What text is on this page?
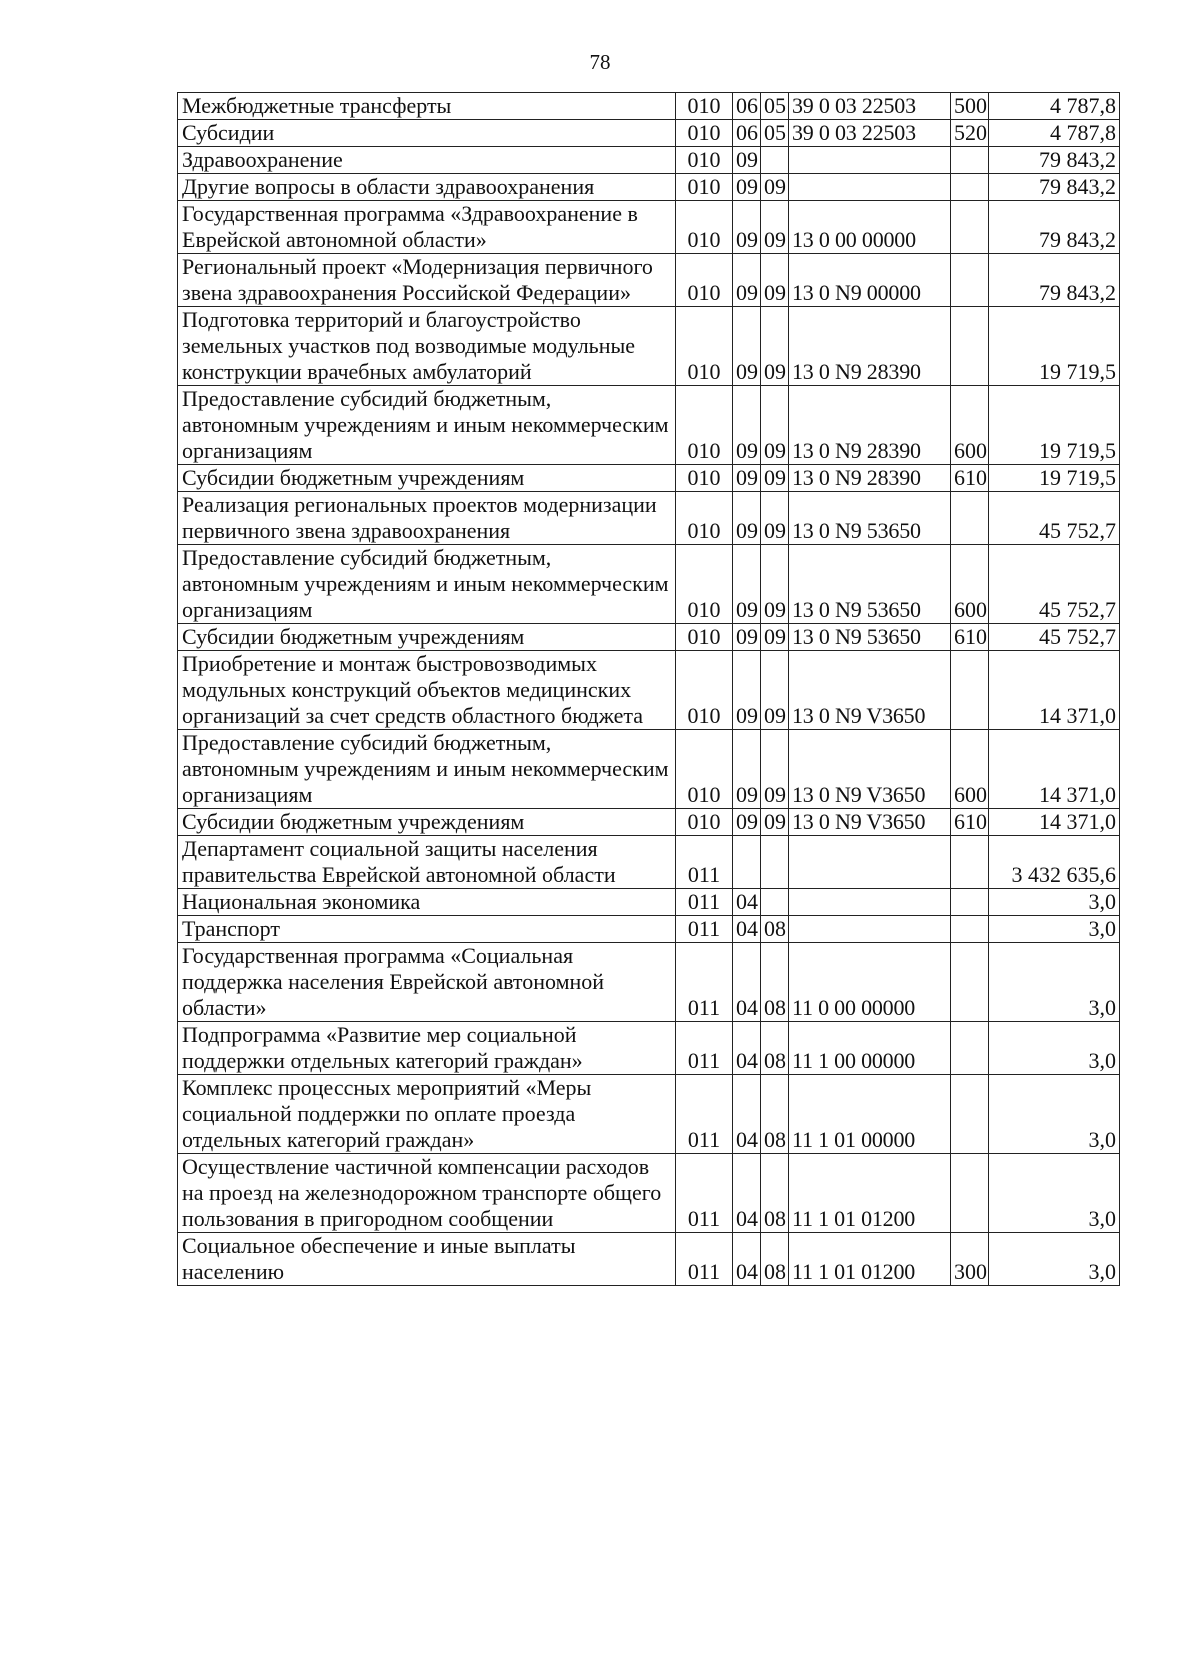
78
Межбюджетные трансферты	010	06	05	39 0 03 22503	500	4 787,8
Субсидии	010	06	05	39 0 03 22503	520	4 787,8
Здравоохранение	010	09				79 843,2
Другие вопросы в области здравоохранения	010	09	09			79 843,2
Государственная программа «Здравоохранение в Еврейской автономной области»	010	09	09	13 0 00 00000		79 843,2
Региональный проект «Модернизация первичного звена здравоохранения Российской Федерации»	010	09	09	13 0 N9 00000		79 843,2
Подготовка территорий и благоустройство земельных участков под возводимые модульные конструкции врачебных амбулаторий	010	09	09	13 0 N9 28390		19 719,5
Предоставление субсидий бюджетным, автономным учреждениям и иным некоммерческим организациям	010	09	09	13 0 N9 28390	600	19 719,5
Субсидии бюджетным учреждениям	010	09	09	13 0 N9 28390	610	19 719,5
Реализация региональных проектов модернизации первичного звена здравоохранения	010	09	09	13 0 N9 53650		45 752,7
Предоставление субсидий бюджетным, автономным учреждениям и иным некоммерческим организациям	010	09	09	13 0 N9 53650	600	45 752,7
Субсидии бюджетным учреждениям	010	09	09	13 0 N9 53650	610	45 752,7
Приобретение и монтаж быстровозводимых модульных конструкций объектов медицинских организаций за счет средств областного бюджета	010	09	09	13 0 N9 V3650		14 371,0
Предоставление субсидий бюджетным, автономным учреждениям и иным некоммерческим организациям	010	09	09	13 0 N9 V3650	600	14 371,0
Субсидии бюджетным учреждениям	010	09	09	13 0 N9 V3650	610	14 371,0
Департамент социальной защиты населения правительства Еврейской автономной области	011					3 432 635,6
Национальная экономика	011	04				3,0
Транспорт	011	04	08			3,0
Государственная программа «Социальная поддержка населения Еврейской автономной области»	011	04	08	11 0 00 00000		3,0
Подпрограмма «Развитие мер социальной поддержки отдельных категорий граждан»	011	04	08	11 1 00 00000		3,0
Комплекс процессных мероприятий «Меры социальной поддержки по оплате проезда отдельных категорий граждан»	011	04	08	11 1 01 00000		3,0
Осуществление частичной компенсации расходов на проезд на железнодорожном транспорте общего пользования в пригородном сообщении	011	04	08	11 1 01 01200		3,0
Социальное обеспечение и иные выплаты населению	011	04	08	11 1 01 01200	300	3,0
